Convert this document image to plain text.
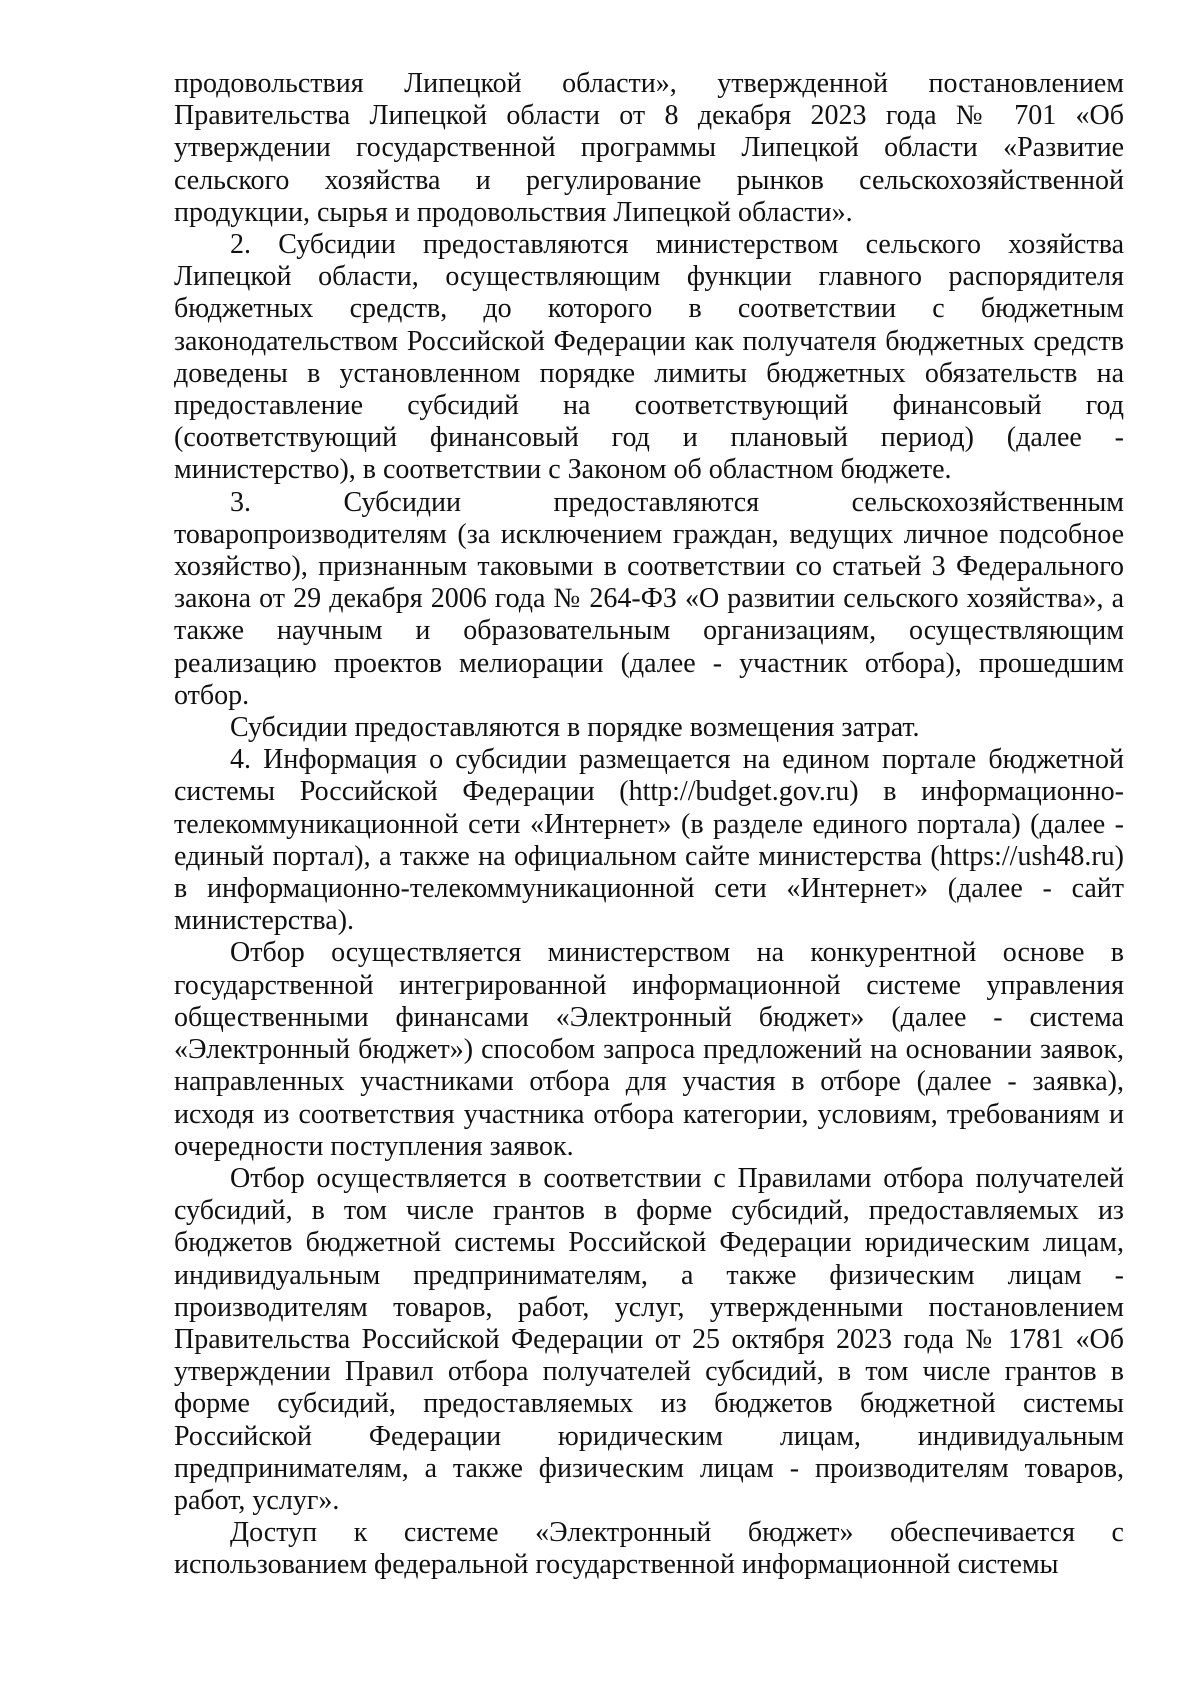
продовольствия Липецкой области», утвержденной постановлением Правительства Липецкой области от 8 декабря 2023 года № 701 «Об утверждении государственной программы Липецкой области «Развитие сельского хозяйства и регулирование рынков сельскохозяйственной продукции, сырья и продовольствия Липецкой области».

2. Субсидии предоставляются министерством сельского хозяйства Липецкой области, осуществляющим функции главного распорядителя бюджетных средств, до которого в соответствии с бюджетным законодательством Российской Федерации как получателя бюджетных средств доведены в установленном порядке лимиты бюджетных обязательств на предоставление субсидий на соответствующий финансовый год (соответствующий финансовый год и плановый период) (далее - министерство), в соответствии с Законом об областном бюджете.

3. Субсидии предоставляются сельскохозяйственным

товаропроизводителям (за исключением граждан, ведущих личное подсобное хозяйство), признанным таковыми в соответствии со статьей 3 Федерального закона от 29 декабря 2006 года № 264-ФЗ «О развитии сельского хозяйства», а также научным и образовательным организациям, осуществляющим реализацию проектов мелиорации (далее - участник отбора), прошедшим отбор.

Субсидии предоставляются в порядке возмещения затрат.

4. Информация о субсидии размещается на едином портале бюджетной системы Российской Федерации (http://budget.gov.ru) в информационно-телекоммуникационной сети «Интернет» (в разделе единого портала) (далее - единый портал), а также на официальном сайте министерства (https://ush48.ru) в информационно-телекоммуникационной сети «Интернет» (далее - сайт министерства).

Отбор осуществляется министерством на конкурентной основе в государственной интегрированной информационной системе управления общественными финансами «Электронный бюджет» (далее - система «Электронный бюджет») способом запроса предложений на основании заявок, направленных участниками отбора для участия в отборе (далее - заявка), исходя из соответствия участника отбора категории, условиям, требованиям и очередности поступления заявок.

Отбор осуществляется в соответствии с Правилами отбора получателей субсидий, в том числе грантов в форме субсидий, предоставляемых из бюджетов бюджетной системы Российской Федерации юридическим лицам, индивидуальным предпринимателям, а также физическим лицам - производителям товаров, работ, услуг, утвержденными постановлением Правительства Российской Федерации от 25 октября 2023 года № 1781 «Об утверждении Правил отбора получателей субсидий, в том числе грантов в форме субсидий, предоставляемых из бюджетов бюджетной системы Российской Федерации юридическим лицам, индивидуальным предпринимателям, а также физическим лицам - производителям товаров, работ, услуг».

Доступ к системе «Электронный бюджет» обеспечивается с использованием федеральной государственной информационной системы
